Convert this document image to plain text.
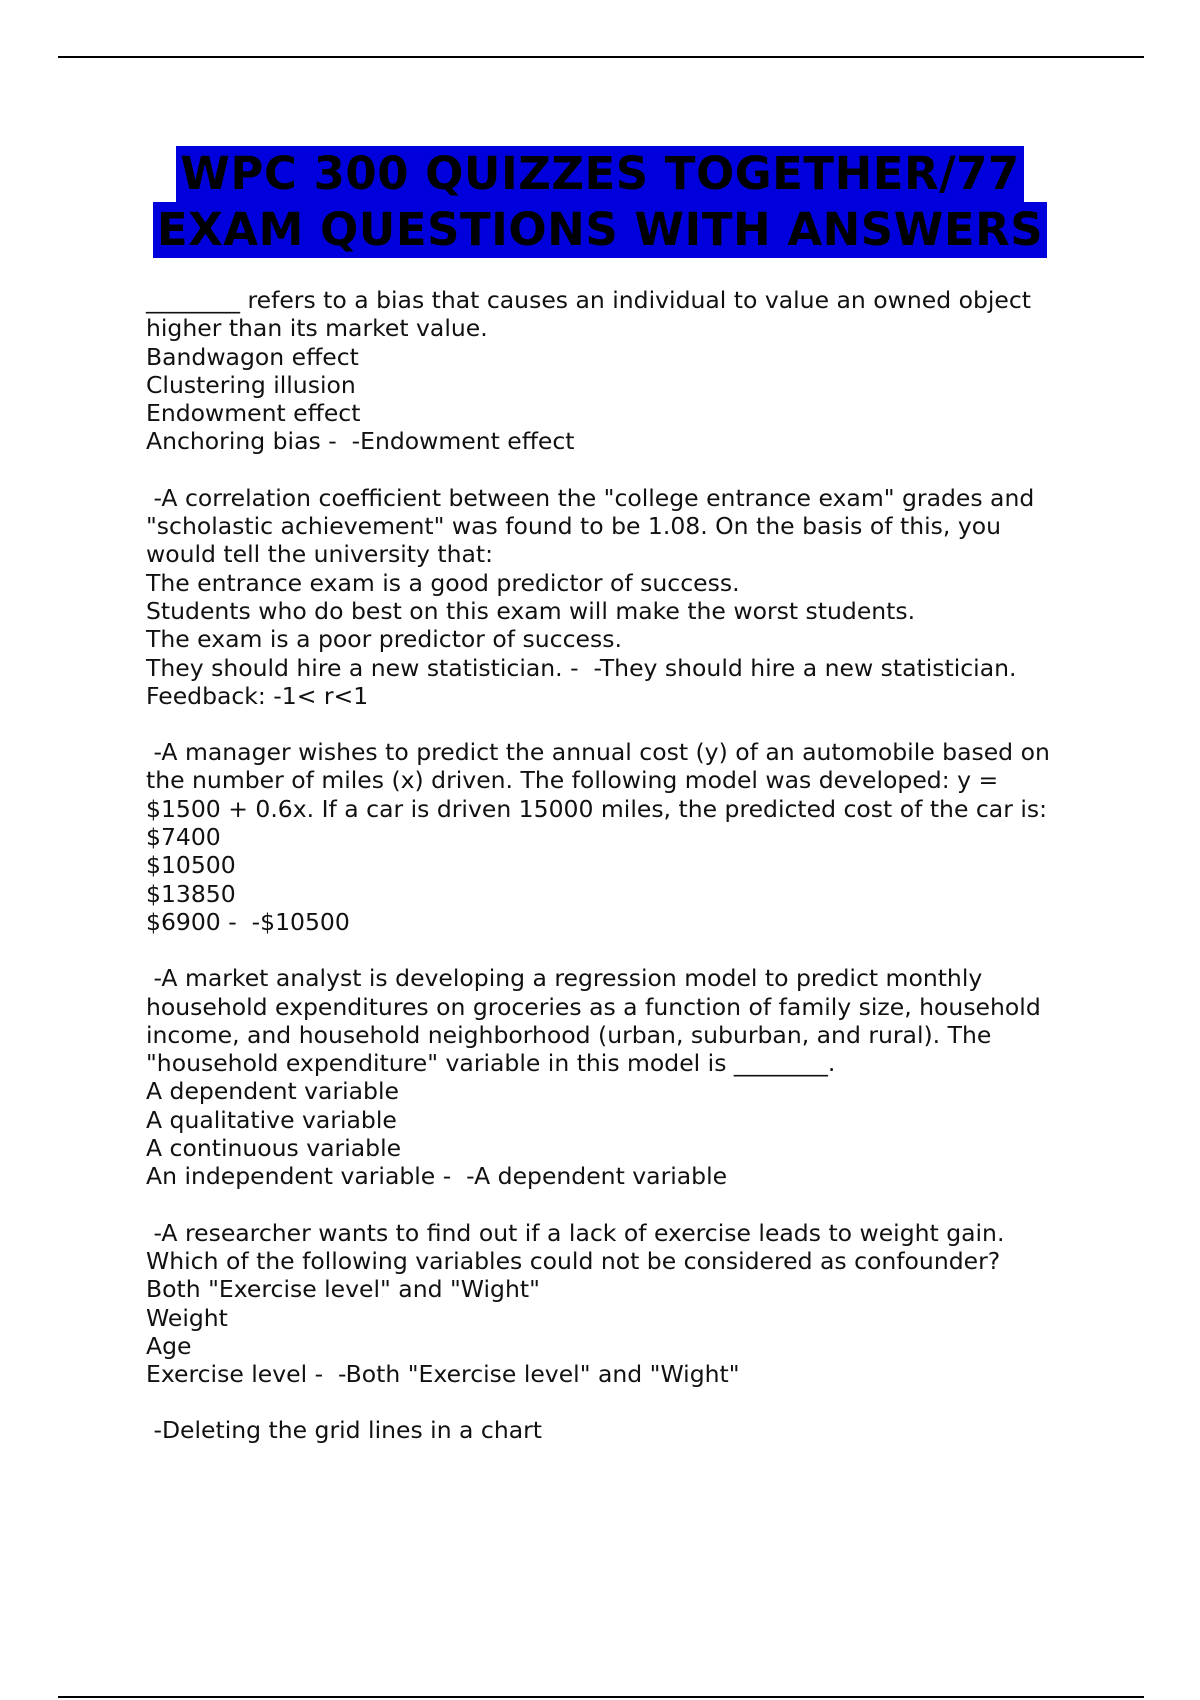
WPC 300 QUIZZES TOGETHER/77
EXAM QUESTIONS WITH ANSWERS
________ refers to a bias that causes an individual to value an owned object
higher than its market value.
Bandwagon effect
Clustering illusion
Endowment effect
Anchoring bias -  -Endowment effect
-A correlation coefficient between the "college entrance exam" grades and
"scholastic achievement" was found to be 1.08. On the basis of this, you
would tell the university that:
The entrance exam is a good predictor of success.
Students who do best on this exam will make the worst students.
The exam is a poor predictor of success.
They should hire a new statistician. -  -They should hire a new statistician.
Feedback: -1< r<1
-A manager wishes to predict the annual cost (y) of an automobile based on
the number of miles (x) driven. The following model was developed: y =
$1500 + 0.6x. If a car is driven 15000 miles, the predicted cost of the car is:
$7400
$10500
$13850
$6900 -  -$10500
-A market analyst is developing a regression model to predict monthly
household expenditures on groceries as a function of family size, household
income, and household neighborhood (urban, suburban, and rural). The
"household expenditure" variable in this model is ________.
A dependent variable
A qualitative variable
A continuous variable
An independent variable -  -A dependent variable
-A researcher wants to find out if a lack of exercise leads to weight gain.
Which of the following variables could not be considered as confounder?
Both "Exercise level" and "Wight"
Weight
Age
Exercise level -  -Both "Exercise level" and "Wight"
-Deleting the grid lines in a chart
